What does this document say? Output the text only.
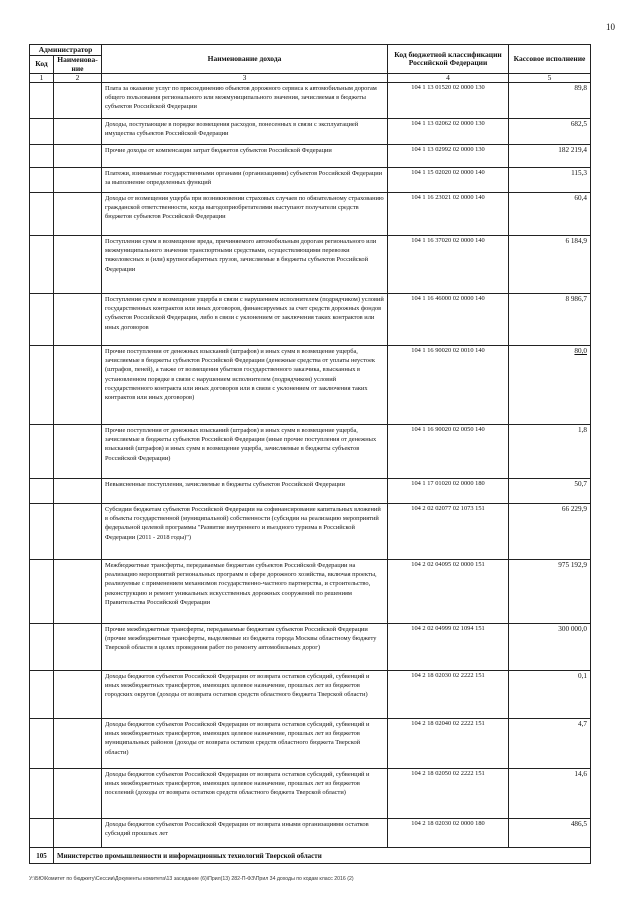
10
Администратор		Наименование дохода	Код бюджетной классификации Российской Федерации	Кассовое исполнение
Код	Наименова-ние			
1	2	3	4	5
		Плата за оказание услуг по присоединению объектов дорожного сервиса к автомобильным дорогам общего пользования регионального или межмуниципального значения, зачисляемая в бюджеты субъектов Российской Федерации	104 1 13 01520 02 0000 130	89,8
		Доходы, поступающие в порядке возмещения расходов, понесенных в связи с эксплуатацией имущества субъектов Российской Федерации	104 1 13 02062 02 0000 130	682,5
		Прочие доходы от компенсации затрат бюджетов субъектов Российской Федерации	104 1 13 02992 02 0000 130	182 219,4
		Платежи, взимаемые государственными органами (организациями) субъектов Российской Федерации за выполнение определенных функций	104 1 15 02020 02 0000 140	115,3
		Доходы от возмещения ущерба при возникновении страховых случаев по обязательному страхованию гражданской ответственности, когда выгодоприобретателями выступают получатели средств бюджетов субъектов Российской Федерации	104 1 16 23021 02 0000 140	60,4
		Поступления сумм в возмещение вреда, причиняемого автомобильным дорогам регионального или межмуниципального значения транспортными средствами, осуществляющими перевозки тяжеловесных и (или) крупногабаритных грузов, зачисляемые в бюджеты субъектов Российской Федерации	104 1 16 37020 02 0000 140	6 184,9
		Поступления сумм в возмещение ущерба в связи с нарушением исполнителем (подрядчиком) условий государственных контрактов или иных договоров, финансируемых за счет средств дорожных фондов субъектов Российской Федерации, либо в связи с уклонением от заключения таких контрактов или иных договоров	104 1 16 46000 02 0000 140	8 986,7
		Прочие поступления от денежных взысканий (штрафов) и иных сумм в возмещение ущерба, зачисляемые в бюджеты субъектов Российской Федерации (денежные средства от уплаты неустоек (штрафов, пеней), а также от возмещения убытков государственного заказчика, взысканных в установленном порядке в связи с нарушением исполнителем (подрядчиком) условий государственного контракта или иных договоров или в связи с уклонением от заключения таких контрактов или иных договоров)	104 1 16 90020 02 0010 140	80,0
		Прочие поступления от денежных взысканий (штрафов) и иных сумм в возмещение ущерба, зачисляемые в бюджеты субъектов Российской Федерации (иные прочие поступления от денежных взысканий (штрафов) и иных сумм в возмещение ущерба, зачисляемые в бюджеты субъектов Российской Федерации)	104 1 16 90020 02 0050 140	1,8
		Невыясненные поступления, зачисляемые в бюджеты субъектов Российской Федерации	104 1 17 01020 02 0000 180	50,7
		Субсидии бюджетам субъектов Российской Федерации на софинансирование капитальных вложений в объекты государственной (муниципальной) собственности (субсидии на реализацию мероприятий федеральной целевой программы "Развитие внутреннего и въездного туризма в Российской Федерации (2011 - 2018 годы)")	104 2 02 02077 02 1073 151	66 229,9
		Межбюджетные трансферты, передаваемые бюджетам субъектов Российской Федерации на реализацию мероприятий региональных программ в сфере дорожного хозяйства, включая проекты, реализуемые с применением механизмов государственно-частного партнерства, и строительство, реконструкцию и ремонт уникальных искусственных дорожных сооружений по решениям Правительства Российской Федерации	104 2 02 04095 02 0000 151	975 192,9
		Прочие межбюджетные трансферты, передаваемые бюджетам субъектов Российской Федерации (прочие межбюджетные трансферты, выделяемые из бюджета города Москвы областному бюджету Тверской области в целях проведения работ по ремонту автомобильных дорог)	104 2 02 04999 02 1094 151	300 000,0
		Доходы бюджетов субъектов Российской Федерации от возврата остатков субсидий, субвенций и иных межбюджетных трансфертов, имеющих целевое назначение, прошлых лет из бюджетов городских округов (доходы от возврата остатков средств областного бюджета Тверской области)	104 2 18 02030 02 2222 151	0,1
		Доходы бюджетов субъектов Российской Федерации от возврата остатков субсидий, субвенций и иных межбюджетных трансфертов, имеющих целевое назначение, прошлых лет из бюджетов муниципальных районов (доходы от возврата остатков средств областного бюджета Тверской области)	104 2 18 02040 02 2222 151	4,7
		Доходы бюджетов субъектов Российской Федерации от возврата остатков субсидий, субвенций и иных межбюджетных трансфертов, имеющих целевое назначение, прошлых лет из бюджетов поселений (доходы от возврата остатков средств областного бюджета Тверской области)	104 2 18 02050 02 2222 151	14,6
		Доходы бюджетов субъектов Российской Федерации от возврата иными организациями остатков субсидий прошлых лет	104 2 18 02030 02 0000 180	486,5
105	Министерство промышленности и информационных технологий Тверской области			
У:\БЮ\Комитет по бюджету\Сессии\Документы комитета\13 заседание (6)\Прил(13) 282-П-ФЗ\Прил 34 доходы по кодам класс 2016 (2)
